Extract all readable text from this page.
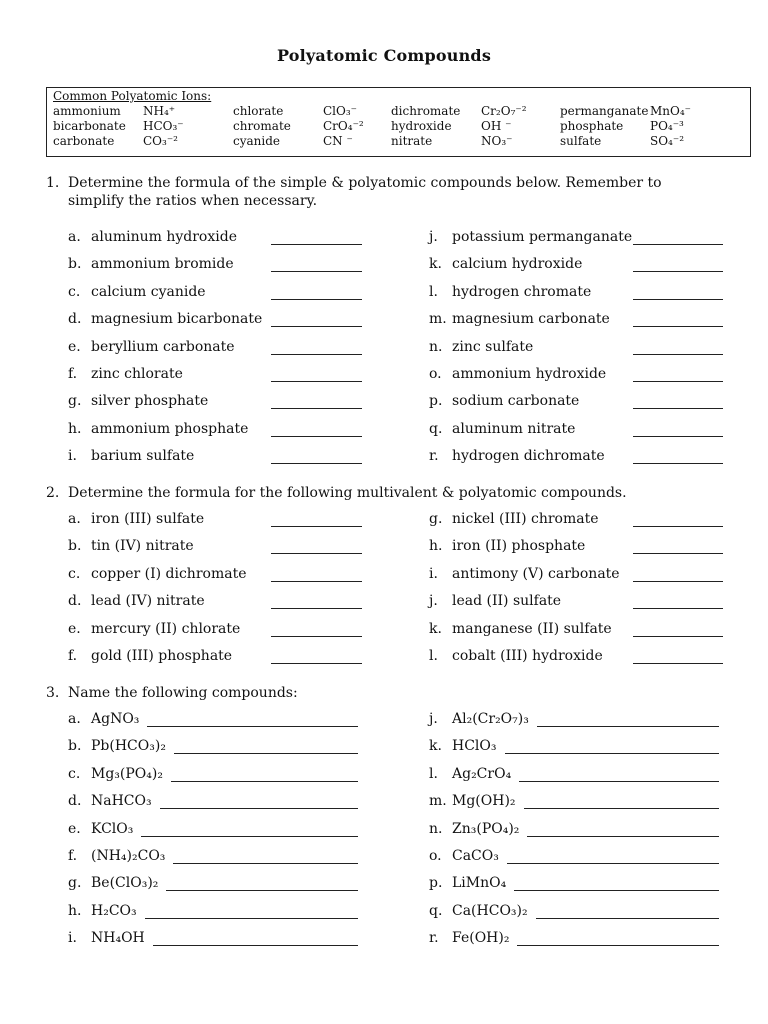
Polyatomic Compounds
Common Polyatomic Ions:
ammonium NH₄⁺	chlorate	ClO₃⁻	dichromate Cr₂O₇⁻²	permanganate MnO₄⁻
bicarbonate HCO₃⁻	chromate	CrO₄⁻² hydroxide OH ⁻	phosphate PO₄⁻³
carbonate CO₃⁻²	cyanide	CN ⁻	nitrate	NO₃⁻	sulfate	SO₄⁻²
1. Determine the formula of the simple & polyatomic compounds below. Remember to simplify the ratios when necessary.
a. aluminum hydroxide
b. ammonium bromide
c. calcium cyanide
d. magnesium bicarbonate
e. beryllium carbonate
f. zinc chlorate
g. silver phosphate
h. ammonium phosphate
i. barium sulfate
j. potassium permanganate
k. calcium hydroxide
l. hydrogen chromate
m. magnesium carbonate
n. zinc sulfate
o. ammonium hydroxide
p. sodium carbonate
q. aluminum nitrate
r. hydrogen dichromate
2. Determine the formula for the following multivalent & polyatomic compounds.
a. iron (III) sulfate
b. tin (IV) nitrate
c. copper (I) dichromate
d. lead (IV) nitrate
e. mercury (II) chlorate
f. gold (III) phosphate
g. nickel (III) chromate
h. iron (II) phosphate
i. antimony (V) carbonate
j. lead (II) sulfate
k. manganese (II) sulfate
l. cobalt (III) hydroxide
3. Name the following compounds:
a. AgNO₃
b. Pb(HCO₃)₂
c. Mg₃(PO₄)₂
d. NaHCO₃
e. KClO₃
f. (NH₄)₂CO₃
g. Be(ClO₃)₂
h. H₂CO₃
i. NH₄OH
j. Al₂(Cr₂O₇)₃
k. HClO₃
l. Ag₂CrO₄
m. Mg(OH)₂
n. Zn₃(PO₄)₂
o. CaCO₃
p. LiMnO₄
q. Ca(HCO₃)₂
r. Fe(OH)₂
